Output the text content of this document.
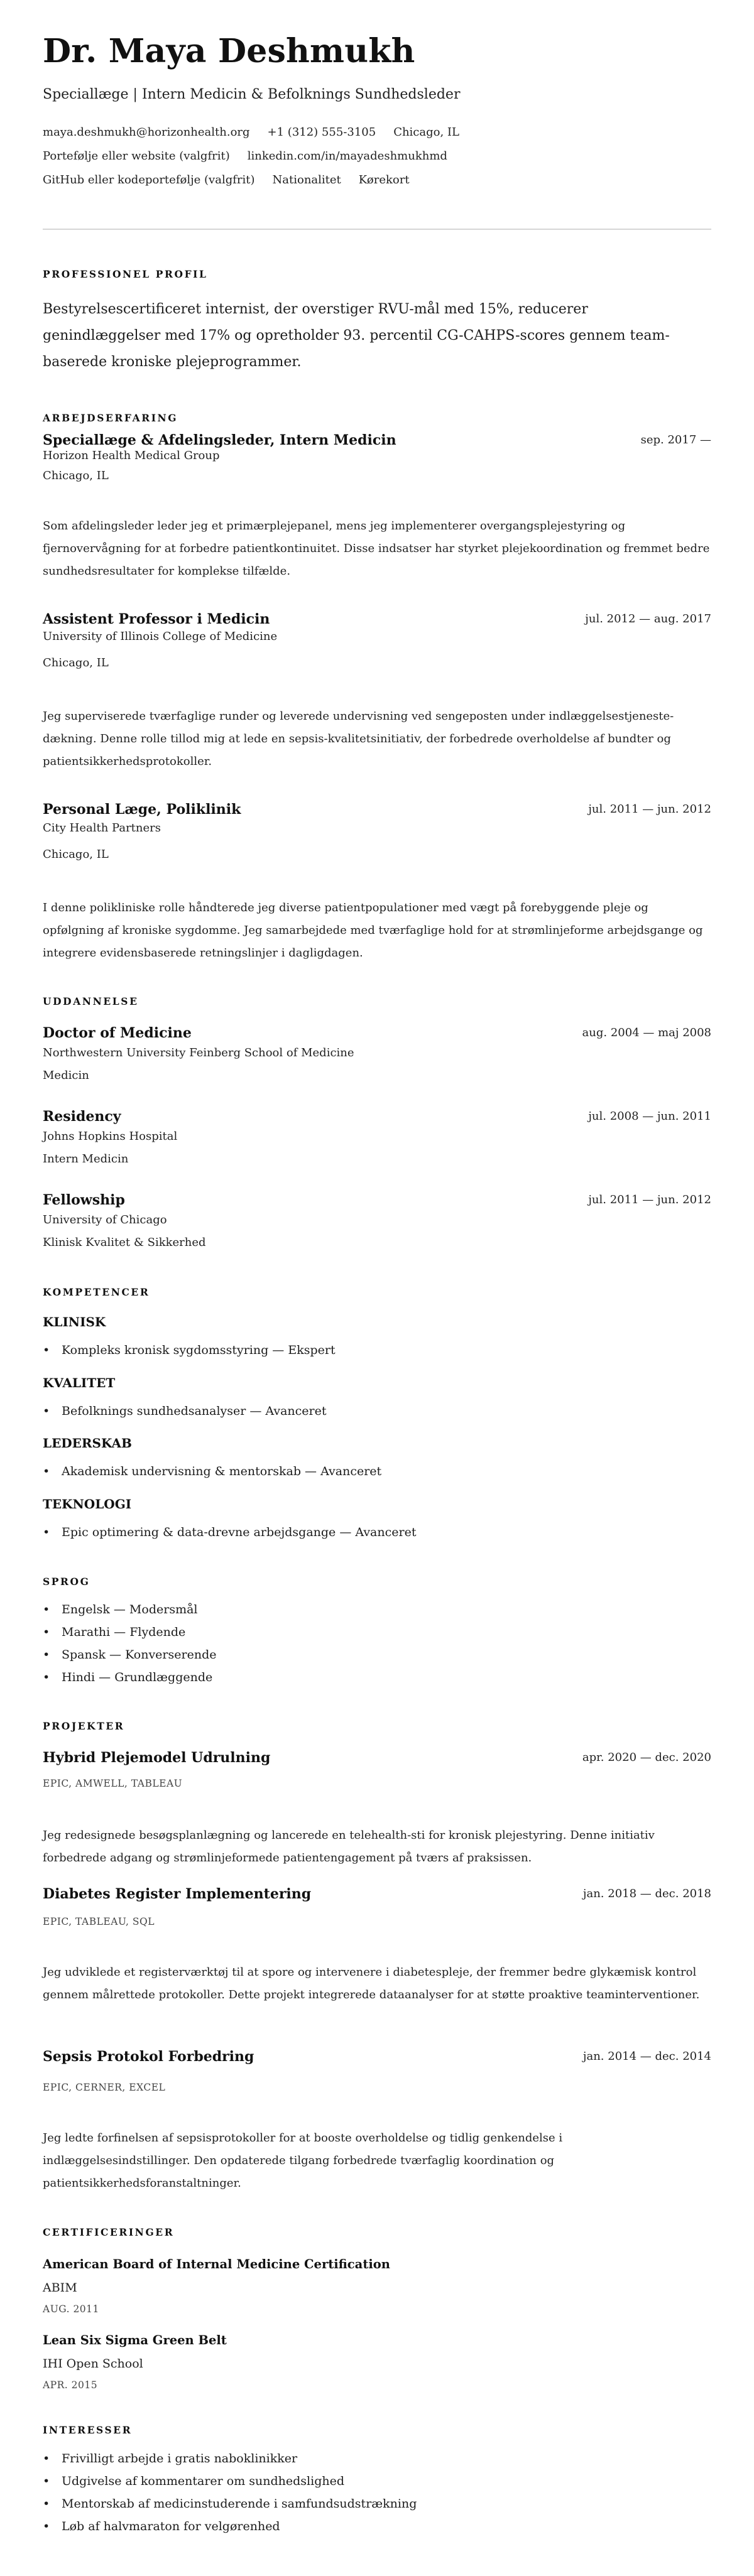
Dr. Maya Deshmukh
Speciallæge | Intern Medicin & Befolknings Sundhedsleder
maya.deshmukh@horizonhealth.org +1 (312) 555-3105 Chicago, IL
Portefølje eller website (valgfrit) linkedin.com/in/mayadeshmukhmd
GitHub eller kodeportefølje (valgfrit) Nationalitet Kørekort
PROFESSIONEL PROFIL

Bestyrelsescertificeret internist, der overstiger RVU-mål med 15%, reducerer genindlæggelser med 17% og opretholder 93. percentil CG-CAHPS-scores gennem team-baserede kroniske plejeprogrammer.

ARBEJDSERFARING
Speciallæge & Afdelingsleder, Intern Medicin	sep. 2017 —
Horizon Health Medical Group
Chicago, IL

Som afdelingsleder leder jeg et primærplejepanel, mens jeg implementerer overgangsplejestyring og fjernovervågning for at forbedre patientkontinuitet. Disse indsatser har styrket plejekoordination og fremmet bedre sundhedsresultater for komplekse tilfælde.

Assistent Professor i Medicin	jul. 2012 — aug. 2017
University of Illinois College of Medicine
Chicago, IL

Jeg superviserede tværfaglige runder og leverede undervisning ved sengeposten under indlæggelsestjeneste-dækning. Denne rolle tillod mig at lede en sepsis-kvalitetsinitiativ, der forbedrede overholdelse af bundter og patientsikkerhedsprotokoller.

Personal Læge, Poliklinik	jul. 2011 — jun. 2012
City Health Partners
Chicago, IL

I denne polikliniske rolle håndterede jeg diverse patientpopulationer med vægt på forebyggende pleje og opfølgning af kroniske sygdomme. Jeg samarbejdede med tværfaglige hold for at strømlinjeforme arbejdsgange og integrere evidensbaserede retningslinjer i dagligdagen.

UDDANNELSE
Doctor of Medicine	aug. 2004 — maj 2008
Northwestern University Feinberg School of Medicine
Medicin
Residency	jul. 2008 — jun. 2011
Johns Hopkins Hospital
Intern Medicin
Fellowship	jul. 2011 — jun. 2012
University of Chicago
Klinisk Kvalitet & Sikkerhed
KOMPETENCER
KLINISK
• Kompleks kronisk sygdomsstyring — Ekspert
KVALITET
• Befolknings sundhedsanalyser — Avanceret
LEDERSKAB
• Akademisk undervisning & mentorskab — Avanceret
TEKNOLOGI
• Epic optimering & data-drevne arbejdsgange — Avanceret
SPROG
• Engelsk — Modersmål
• Marathi — Flydende
• Spansk — Konverserende
• Hindi — Grundlæggende
PROJEKTER
Hybrid Plejemodel Udrulning	apr. 2020 — dec. 2020
EPIC, AMWELL, TABLEAU

Jeg redesignede besøgsplanlægning og lancerede en telehealth-sti for kronisk plejestyring. Denne initiativ forbedrede adgang og strømlinjeformede patientengagement på tværs af praksissen.

Diabetes Register Implementering	jan. 2018 — dec. 2018
EPIC, TABLEAU, SQL

Jeg udviklede et registerværktøj til at spore og intervenere i diabetespleje, der fremmer bedre glykæmisk kontrol gennem målrettede protokoller. Dette projekt integrerede dataanalyser for at støtte proaktive teaminterventioner.

Sepsis Protokol Forbedring	jan. 2014 — dec. 2014
EPIC, CERNER, EXCEL

Jeg ledte forfinelsen af sepsisprotokoller for at booste overholdelse og tidlig genkendelse i indlæggelsesindstillinger. Den opdaterede tilgang forbedrede tværfaglig koordination og patientsikkerhedsforanstaltninger.

CERTIFICERINGER
American Board of Internal Medicine Certification
ABIM
AUG. 2011
Lean Six Sigma Green Belt
IHI Open School
APR. 2015
INTERESSER
• Frivilligt arbejde i gratis naboklinikker
• Udgivelse af kommentarer om sundhedslighed
• Mentorskab af medicinstuderende i samfundsudstrækning
• Løb af halvmaraton for velgørenhed
